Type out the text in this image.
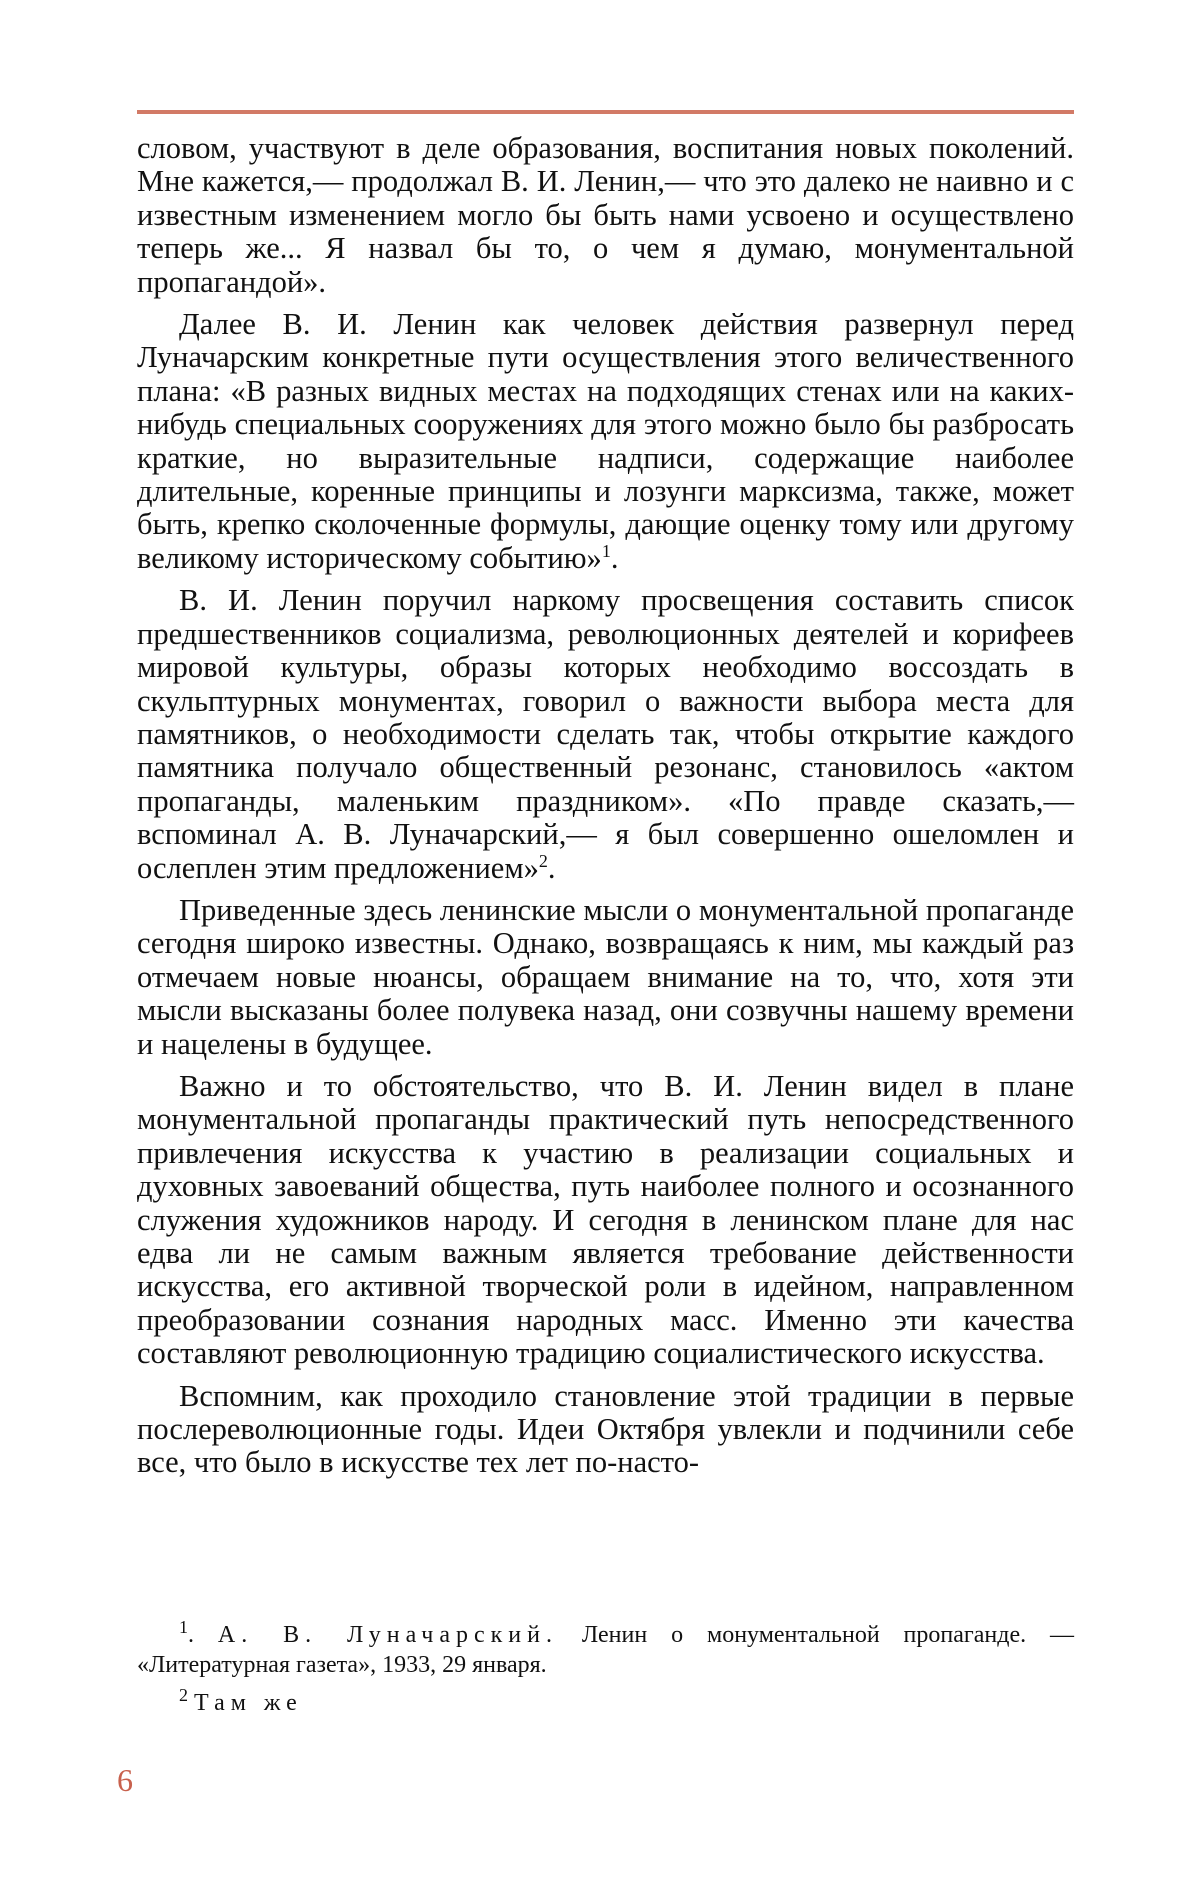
словом, участвуют в деле образования, воспитания новых поколений. Мне кажется,— продолжал В. И. Ленин,— что это далеко не наивно и с известным изменением могло бы быть нами усвоено и осуществлено теперь же... Я назвал бы то, о чем я думаю, монументальной пропагандой».

Далее В. И. Ленин как человек действия развернул перед Луначарским конкретные пути осуществления этого величественного плана: «В разных видных местах на подходящих стенах или на каких-нибудь специальных сооружениях для этого можно было бы разбросать краткие, но выразительные надписи, содержащие наиболее длительные, коренные принципы и лозунги марксизма, также, может быть, крепко сколоченные формулы, дающие оценку тому или другому великому историческому событию»$^1$.

В. И. Ленин поручил наркому просвещения составить список предшественников социализма, революционных деятелей и корифеев мировой культуры, образы которых необходимо воссоздать в скульптурных монументах, говорил о важности выбора места для памятников, о необходимости сделать так, чтобы открытие каждого памятника получало общественный резонанс, становилось «актом пропаганды, маленьким праздником». «По правде сказать,— вспоминал А. В. Луначарский,— я был совершенно ошеломлен и ослеплен этим предложением»$^2$.

Приведенные здесь ленинские мысли о монументальной пропаганде сегодня широко известны. Однако, возвращаясь к ним, мы каждый раз отмечаем новые нюансы, обращаем внимание на то, что, хотя эти мысли высказаны более полувека назад, они созвучны нашему времени и нацелены в будущее.

Важно и то обстоятельство, что В. И. Ленин видел в плане монументальной пропаганды практический путь непосредственного привлечения искусства к участию в реализации социальных и духовных завоеваний общества, путь наиболее полного и осознанного служения художников народу. И сегодня в ленинском плане для нас едва ли не самым важным является требование действенности искусства, его активной творческой роли в идейном, направленном преобразовании сознания народных масс. Именно эти качества составляют революционную традицию социалистического искусства.

Вспомним, как проходило становление этой традиции в первые послереволюционные годы. Идеи Октября увлекли и подчинили себе все, что было в искусстве тех лет по-насто-

$^1$. А. В. Луначарский. Ленин о монументальной пропаганде. — «Литературная газета», 1933, 29 января.

$^2$ Там же

6
